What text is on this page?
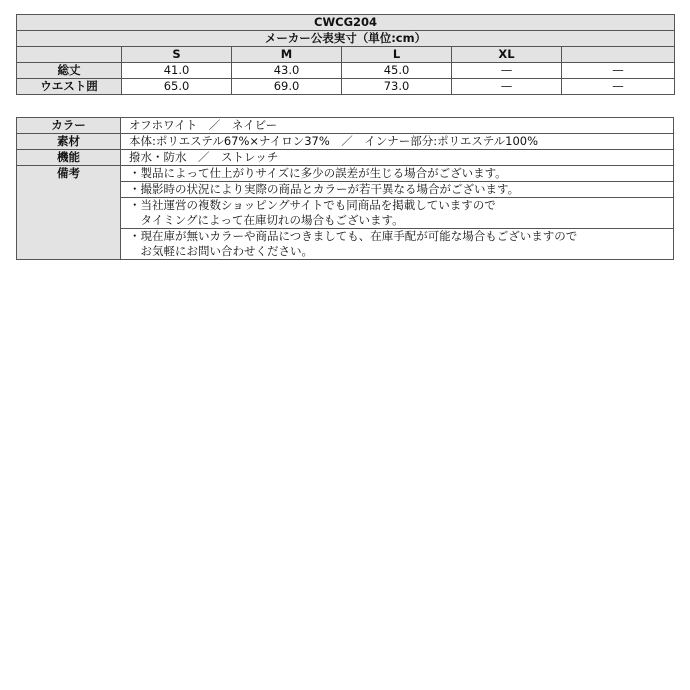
CWCG204					
メーカー公表実寸（単位:cm）					
	S	M	L	XL	
総丈	41.0	43.0	45.0	—	—
ウエスト囲	65.0	69.0	73.0	—	—
カラー	オフホワイト　／　ネイビー
素材	本体:ポリエステル67%×ナイロン37%　／　インナー部分:ポリエステル100%
機能	撥水・防水　／　ストレッチ
備考	・製品によって仕上がりサイズに多少の誤差が生じる場合がございます。

	・撮影時の状況により実際の商品とカラーが若干異なる場合がございます。

	・当社運営の複数ショッピングサイトでも同商品を掲載していますので
　タイミングによって在庫切れの場合もございます。

	・現在庫が無いカラーや商品につきましても、在庫手配が可能な場合もございますので
　お気軽にお問い合わせください。
